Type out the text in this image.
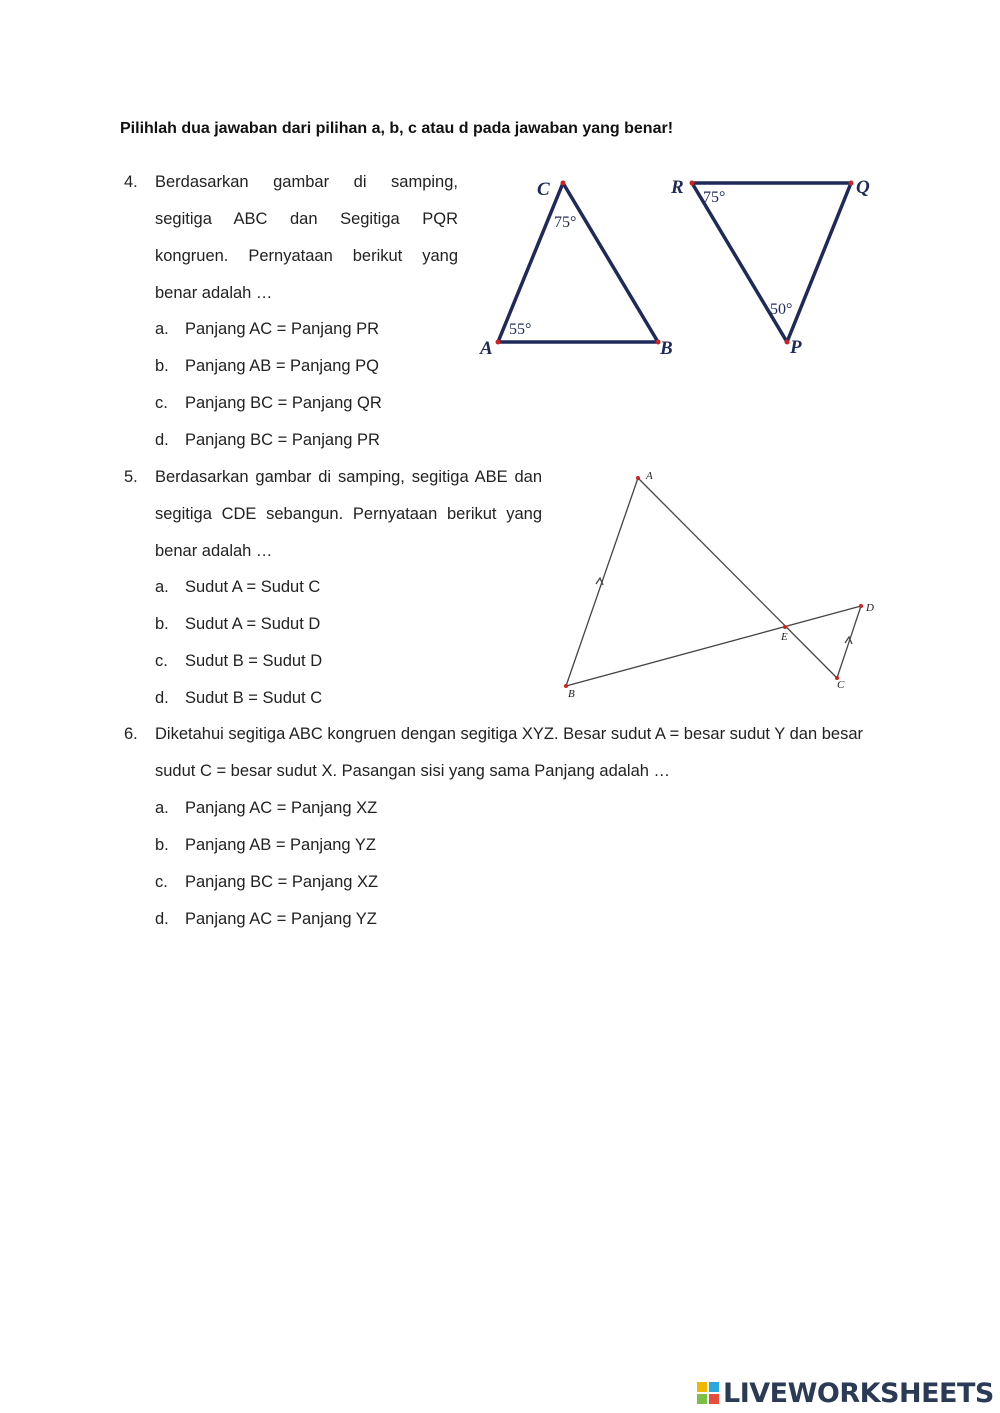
Pilihlah dua jawaban dari pilihan a, b, c atau d pada jawaban yang benar!
4. Berdasarkan gambar di samping, segitiga ABC dan Segitiga PQR kongruen. Pernyataan berikut yang benar adalah …
a. Panjang AC = Panjang PR
b. Panjang AB = Panjang PQ
c. Panjang BC = Panjang QR
d. Panjang BC = Panjang PR
A	B
C
55°
75°
R	Q
P
75°
50°
5. Berdasarkan gambar di samping, segitiga ABE dan segitiga CDE sebangun. Pernyataan berikut yang benar adalah …
a. Sudut A = Sudut C
b. Sudut A = Sudut D
c. Sudut B = Sudut D
d. Sudut B = Sudut C
A
B
C
D
E
6. Diketahui segitiga ABC kongruen dengan segitiga XYZ. Besar sudut A = besar sudut Y dan besar sudut C = besar sudut X. Pasangan sisi yang sama Panjang adalah …
a. Panjang AC = Panjang XZ
b. Panjang AB = Panjang YZ
c. Panjang BC = Panjang XZ
d. Panjang AC = Panjang YZ
LIVEWORKSHEETS
